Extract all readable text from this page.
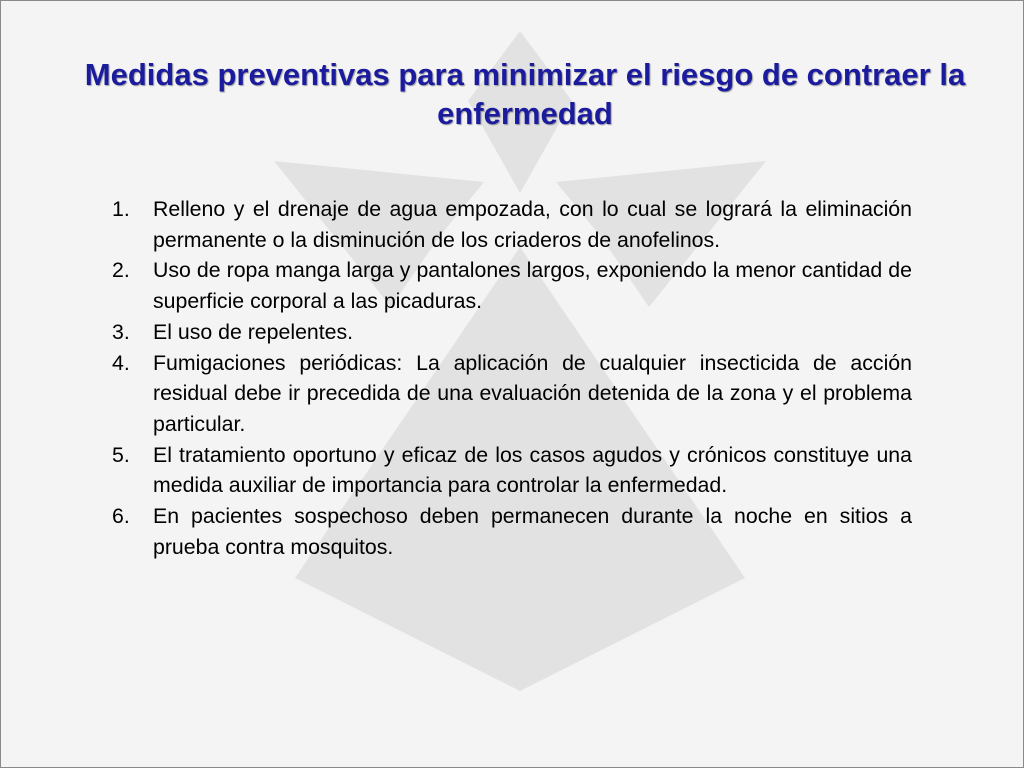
Medidas preventivas para minimizar el riesgo de contraer la enfermedad
1.	Relleno y el drenaje de agua empozada, con lo cual se logrará la eliminación permanente o la disminución de los criaderos de anofelinos.
2.	Uso de ropa manga larga y pantalones largos, exponiendo la menor cantidad de superficie corporal a las picaduras.
3.	El uso de repelentes.
4.	Fumigaciones periódicas: La aplicación de cualquier insecticida de acción residual debe ir precedida de una evaluación detenida de la zona y el problema particular.
5.	El tratamiento oportuno y eficaz de los casos agudos y crónicos constituye una medida auxiliar de importancia para controlar la enfermedad.
6.	En pacientes sospechoso deben permanecen durante la noche en sitios a prueba contra mosquitos.
